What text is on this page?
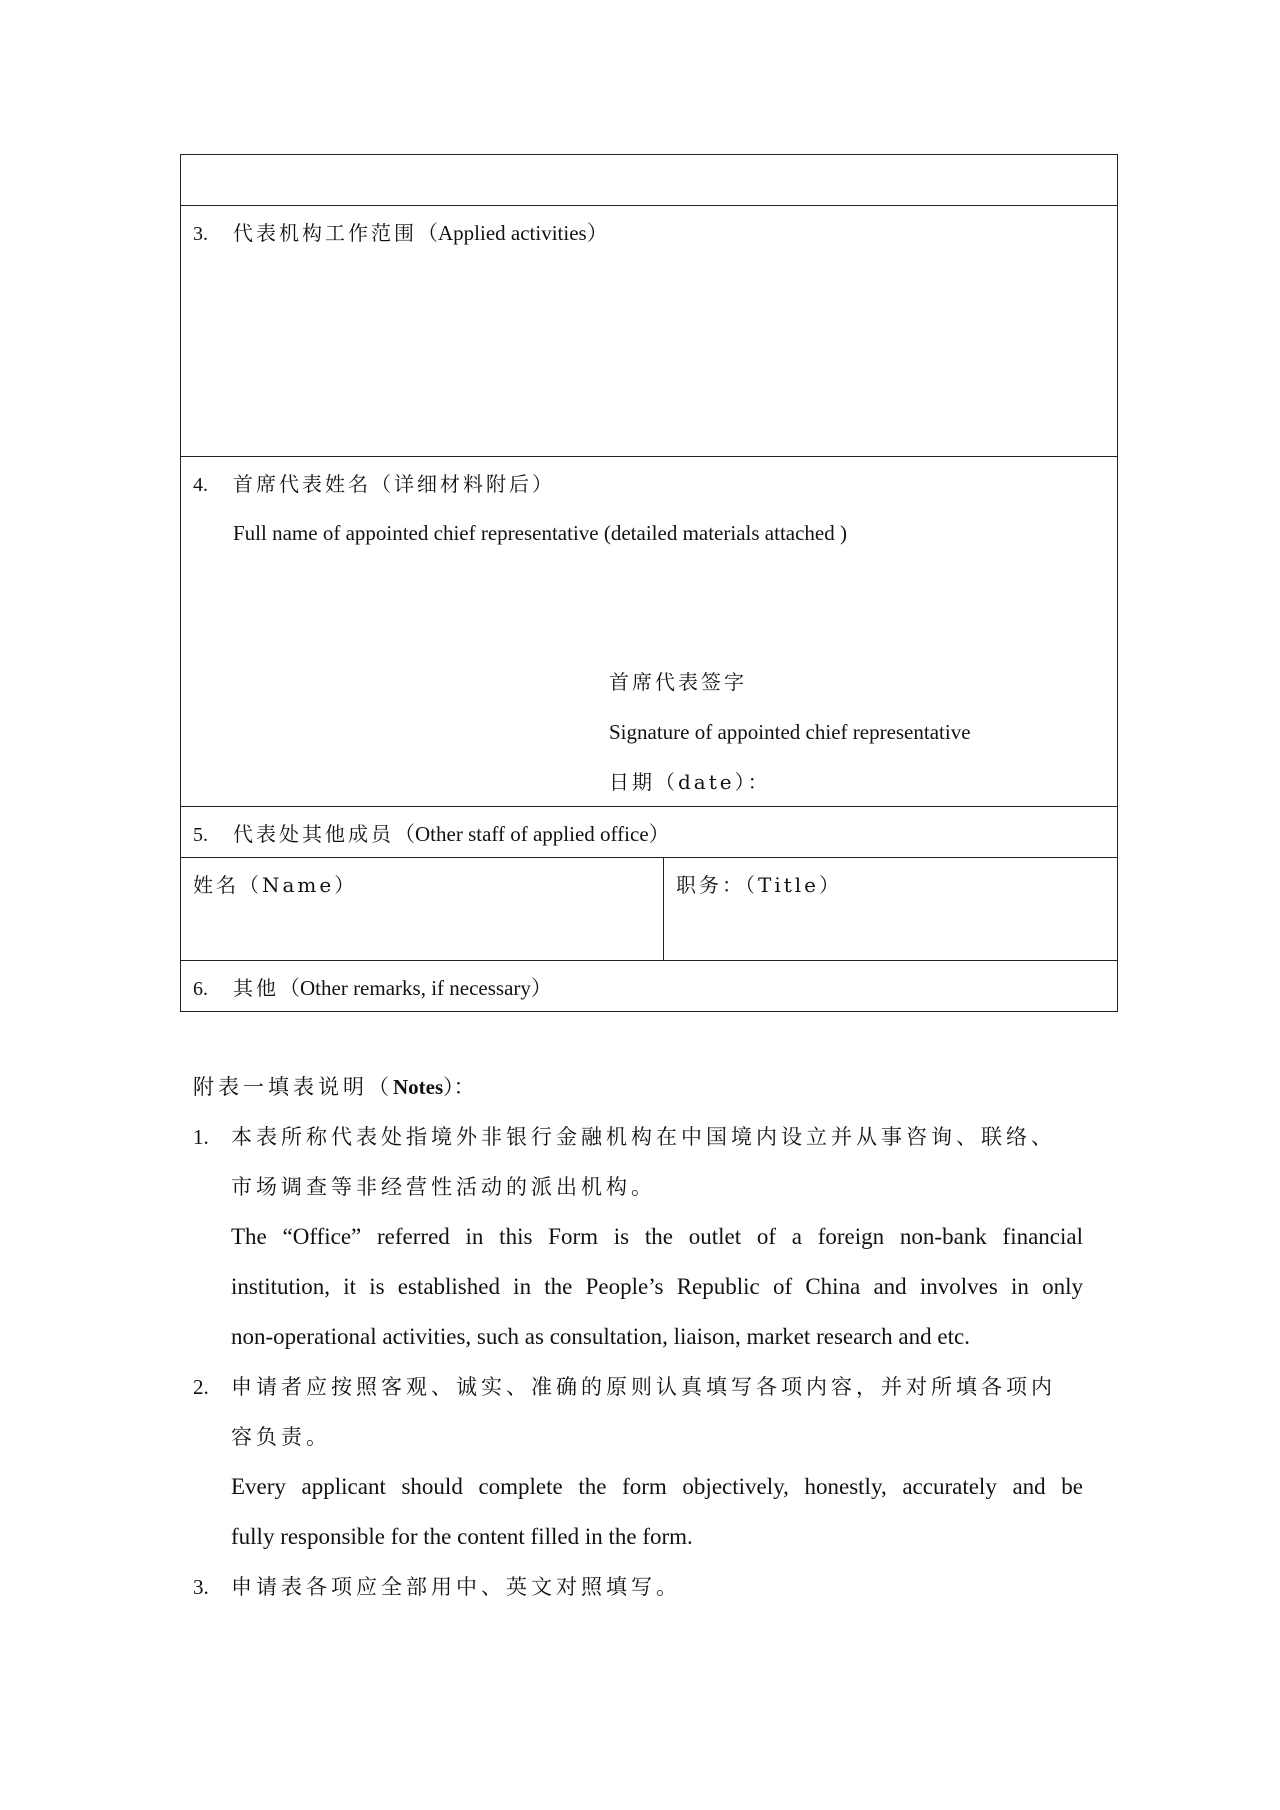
3. 代表机构工作范围（Applied activities）
4. 首席代表姓名（详细材料附后）
Full name of appointed chief representative (detailed materials attached )
首席代表签字
Signature of appointed chief representative
日期（date）：
5. 代表处其他成员（Other staff of applied office）
姓名（Name）	职务：（Title）
6. 其他（Other remarks, if necessary）
附表一填表说明（Notes）：
1. 本表所称代表处指境外非银行金融机构在中国境内设立并从事咨询、联络、
市场调查等非经营性活动的派出机构。
The “Office” referred in this Form is the outlet of a foreign non-bank financial
institution, it is established in the People’s Republic of China and involves in only
non-operational activities, such as consultation, liaison, market research and etc.
2. 申请者应按照客观、诚实、准确的原则认真填写各项内容，并对所填各项内
容负责。
Every applicant should complete the form objectively, honestly, accurately and be
fully responsible for the content filled in the form.
3. 申请表各项应全部用中、英文对照填写。
